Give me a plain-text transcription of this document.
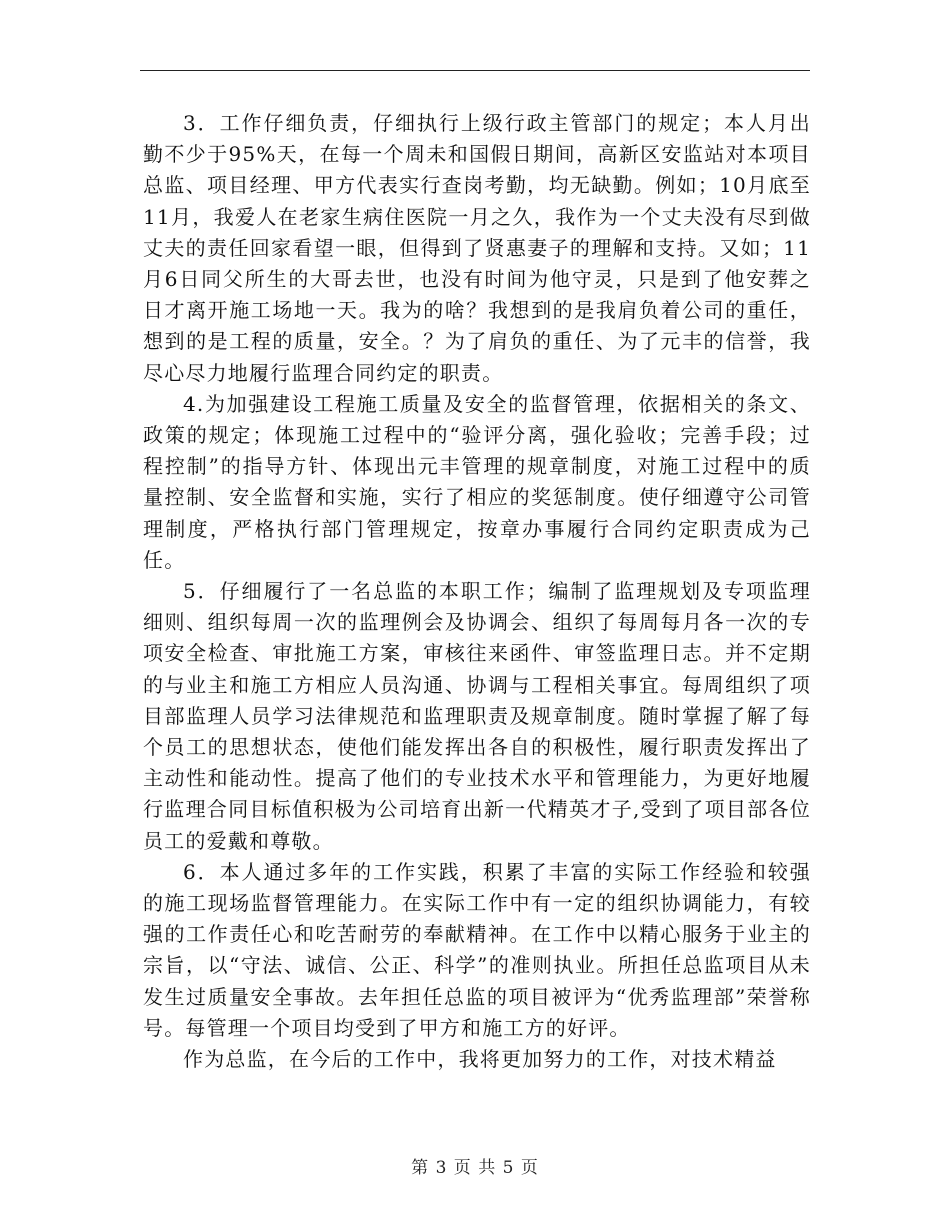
3．工作仔细负责，仔细执行上级行政主管部门的规定；本人月出勤不少于95%天，在每一个周未和国假日期间，高新区安监站对本项目总监、项目经理、甲方代表实行查岗考勤，均无缺勤。例如；10月底至11月，我爱人在老家生病住医院一月之久，我作为一个丈夫没有尽到做丈夫的责任回家看望一眼，但得到了贤惠妻子的理解和支持。又如；11月6日同父所生的大哥去世，也没有时间为他守灵，只是到了他安葬之日才离开施工场地一天。我为的啥？我想到的是我肩负着公司的重任，想到的是工程的质量，安全。？为了肩负的重任、为了元丰的信誉，我尽心尽力地履行监理合同约定的职责。

4.为加强建设工程施工质量及安全的监督管理，依据相关的条文、政策的规定；体现施工过程中的“验评分离，强化验收；完善手段；过程控制”的指导方针、体现出元丰管理的规章制度，对施工过程中的质量控制、安全监督和实施，实行了相应的奖惩制度。使仔细遵守公司管理制度，严格执行部门管理规定，按章办事履行合同约定职责成为己任。

5．仔细履行了一名总监的本职工作；编制了监理规划及专项监理细则、组织每周一次的监理例会及协调会、组织了每周每月各一次的专项安全检查、审批施工方案，审核往来函件、审签监理日志。并不定期的与业主和施工方相应人员沟通、协调与工程相关事宜。每周组织了项目部监理人员学习法律规范和监理职责及规章制度。随时掌握了解了每个员工的思想状态，使他们能发挥出各自的积极性，履行职责发挥出了主动性和能动性。提高了他们的专业技术水平和管理能力，为更好地履行监理合同目标值积极为公司培育出新一代精英才子,受到了项目部各位员工的爱戴和尊敬。

6．本人通过多年的工作实践，积累了丰富的实际工作经验和较强的施工现场监督管理能力。在实际工作中有一定的组织协调能力，有较强的工作责任心和吃苦耐劳的奉献精神。在工作中以精心服务于业主的宗旨，以“守法、诚信、公正、科学”的准则执业。所担任总监项目从未发生过质量安全事故。去年担任总监的项目被评为“优秀监理部”荣誉称号。每管理一个项目均受到了甲方和施工方的好评。

作为总监，在今后的工作中，我将更加努力的工作，对技术精益

第 3 页 共 5 页
